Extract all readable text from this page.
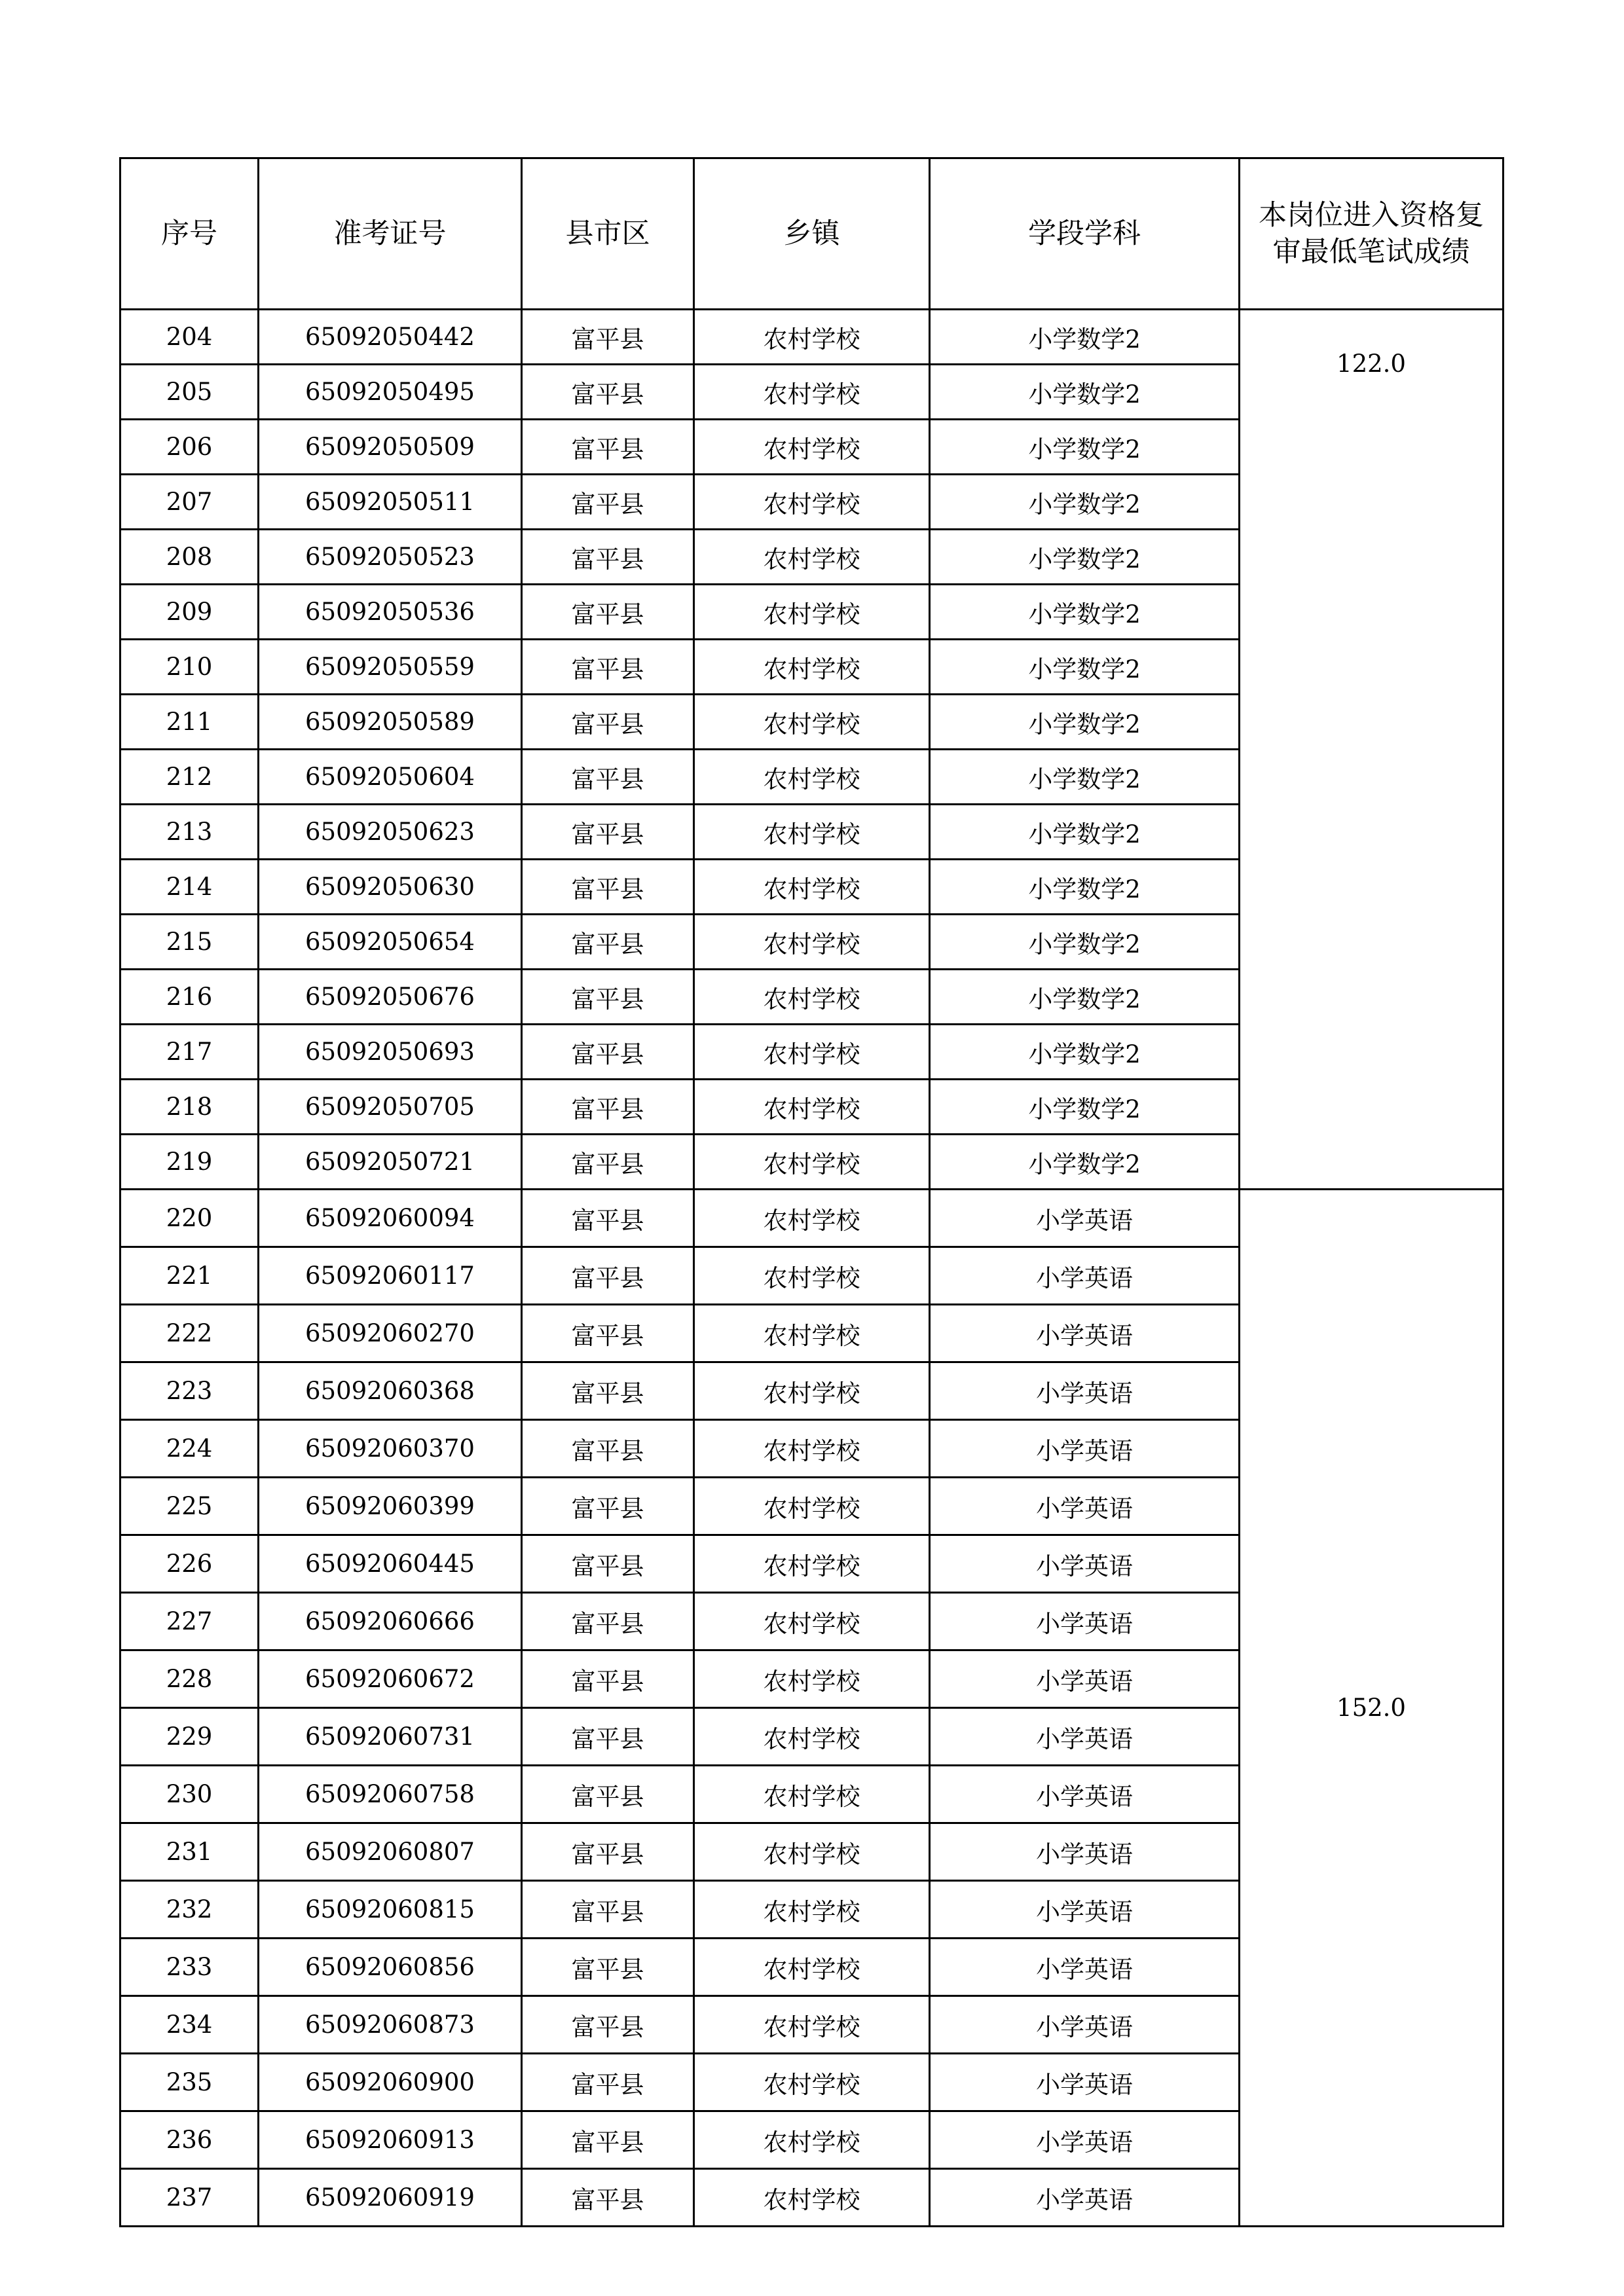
序号	准考证号	县市区	乡镇	学段学科	本岗位进入资格复审最低笔试成绩
204	65092050442	富平县	农村学校	小学数学2	122.0
205	65092050495	富平县	农村学校	小学数学2	
206	65092050509	富平县	农村学校	小学数学2	
207	65092050511	富平县	农村学校	小学数学2	
208	65092050523	富平县	农村学校	小学数学2	
209	65092050536	富平县	农村学校	小学数学2	
210	65092050559	富平县	农村学校	小学数学2	
211	65092050589	富平县	农村学校	小学数学2	
212	65092050604	富平县	农村学校	小学数学2	
213	65092050623	富平县	农村学校	小学数学2	
214	65092050630	富平县	农村学校	小学数学2	
215	65092050654	富平县	农村学校	小学数学2	
216	65092050676	富平县	农村学校	小学数学2	
217	65092050693	富平县	农村学校	小学数学2	
218	65092050705	富平县	农村学校	小学数学2	
219	65092050721	富平县	农村学校	小学数学2	
220	65092060094	富平县	农村学校	小学英语	152.0
221	65092060117	富平县	农村学校	小学英语	
222	65092060270	富平县	农村学校	小学英语	
223	65092060368	富平县	农村学校	小学英语	
224	65092060370	富平县	农村学校	小学英语	
225	65092060399	富平县	农村学校	小学英语	
226	65092060445	富平县	农村学校	小学英语	
227	65092060666	富平县	农村学校	小学英语	
228	65092060672	富平县	农村学校	小学英语	
229	65092060731	富平县	农村学校	小学英语	
230	65092060758	富平县	农村学校	小学英语	
231	65092060807	富平县	农村学校	小学英语	
232	65092060815	富平县	农村学校	小学英语	
233	65092060856	富平县	农村学校	小学英语	
234	65092060873	富平县	农村学校	小学英语	
235	65092060900	富平县	农村学校	小学英语	
236	65092060913	富平县	农村学校	小学英语	
237	65092060919	富平县	农村学校	小学英语	
